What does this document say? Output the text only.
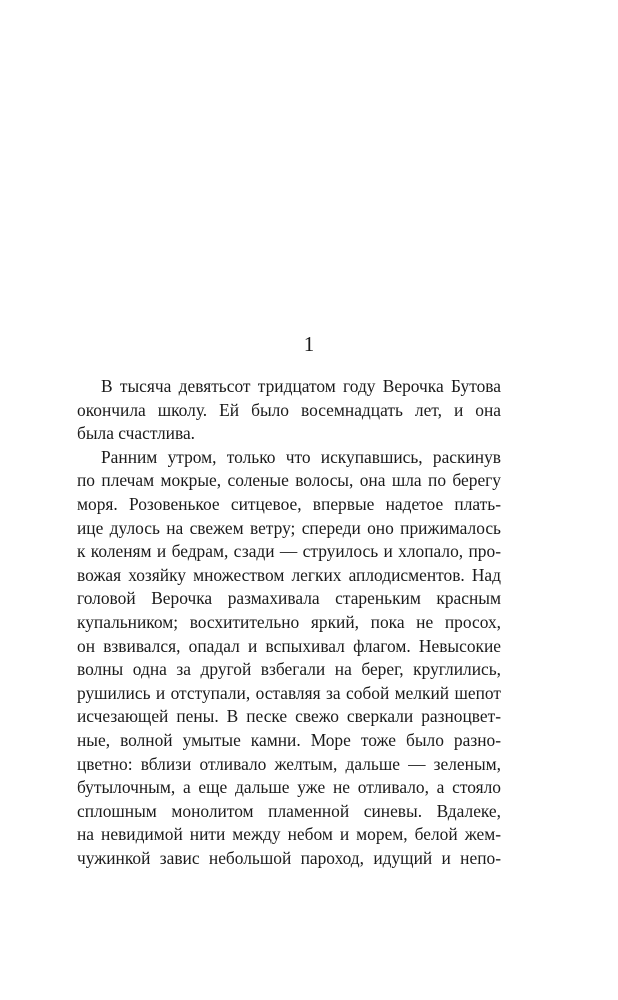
1

В тысяча девятьсот тридцатом году Верочка Бутова
окончила школу. Ей было восемнадцать лет, и она
была счастлива.

Ранним утром, только что искупавшись, раскинув
по плечам мокрые, соленые волосы, она шла по берегу
моря. Розовенькое ситцевое, впервые надетое плать-
ице дулось на свежем ветру; спереди оно прижималось
к коленям и бедрам, сзади — струилось и хлопало, про-
вожая хозяйку множеством легких аплодисментов. Над
головой Верочка размахивала стареньким красным
купальником; восхитительно яркий, пока не просох,
он взвивался, опадал и вспыхивал флагом. Невысокие
волны одна за другой взбегали на берег, круглились,
рушились и отступали, оставляя за собой мелкий шепот
исчезающей пены. В песке свежо сверкали разноцвет-
ные, волной умытые камни. Море тоже было разно-
цветно: вблизи отливало желтым, дальше — зеленым,
бутылочным, а еще дальше уже не отливало, а стояло
сплошным монолитом пламенной синевы. Вдалеке,
на невидимой нити между небом и морем, белой жем-
чужинкой завис небольшой пароход, идущий и непо-
